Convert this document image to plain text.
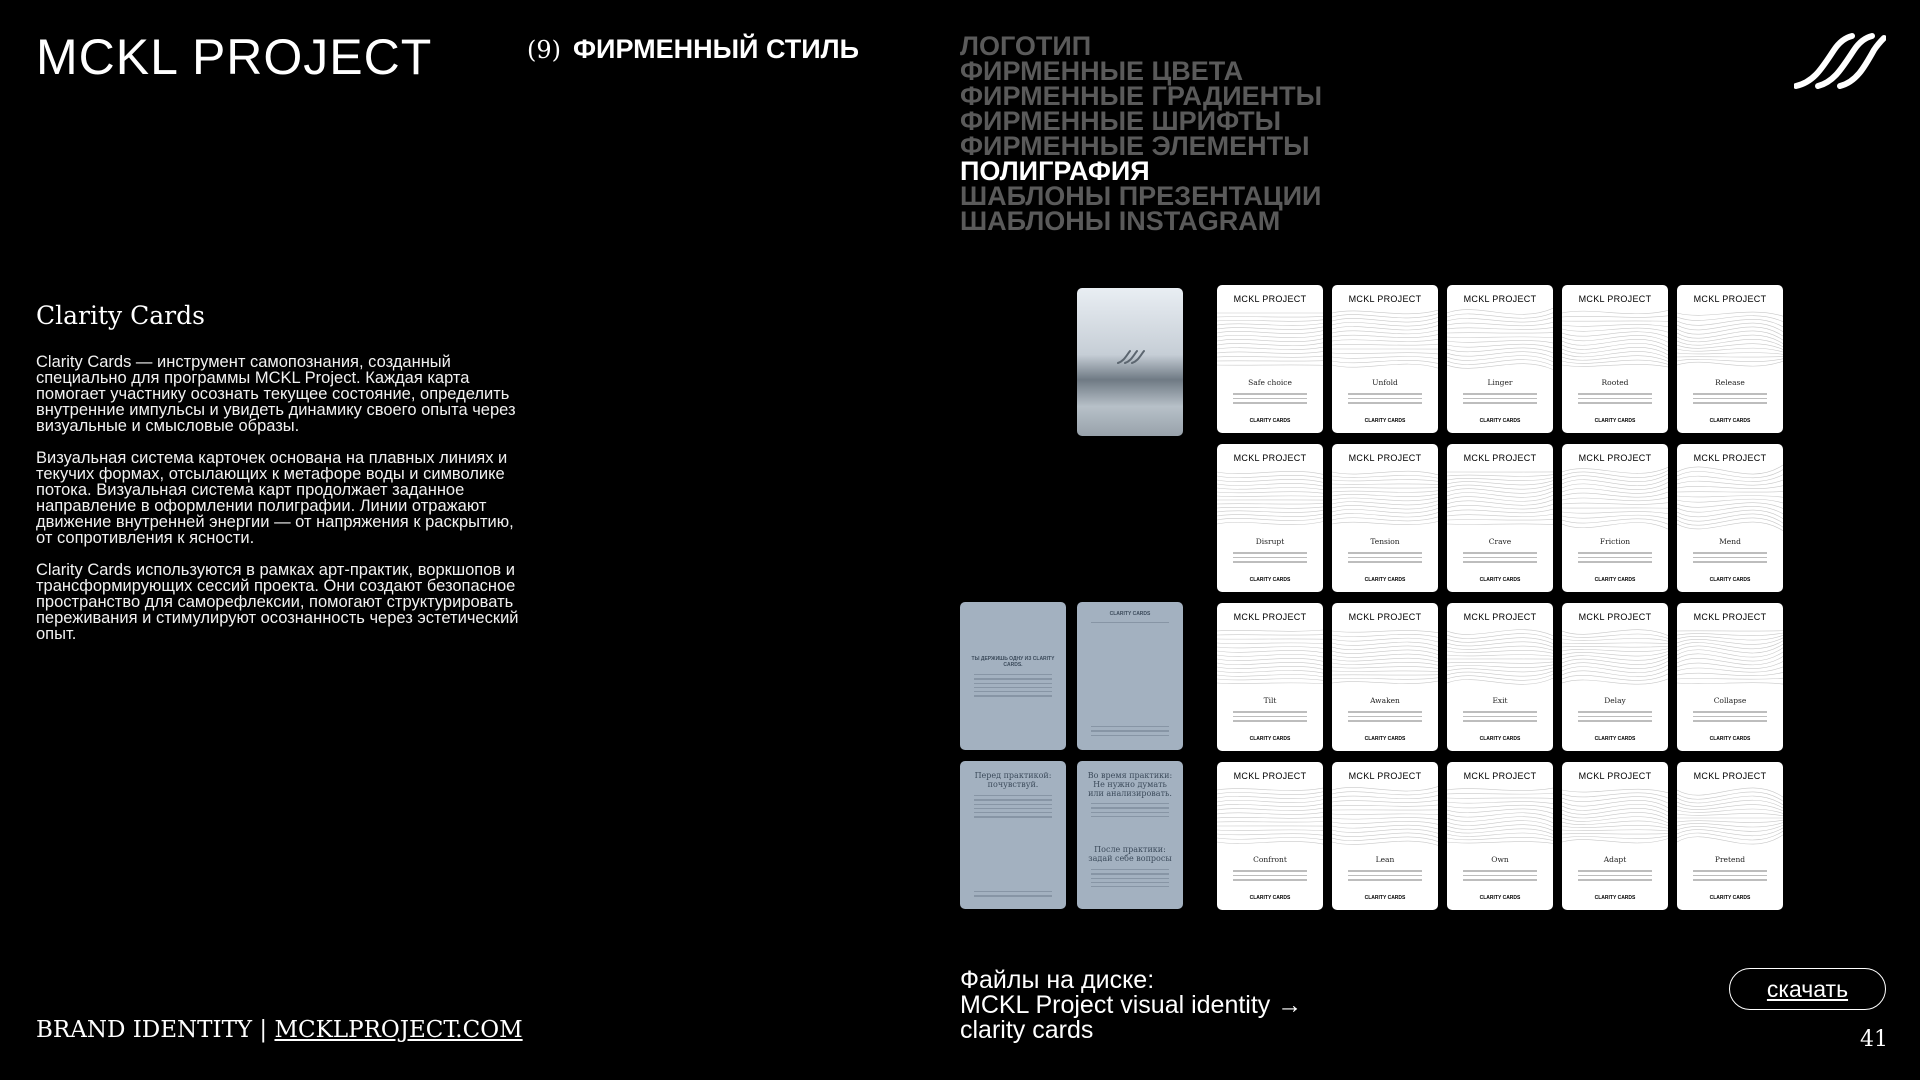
MCKL PROJECT	(9) ФИРМЕННЫЙ СТИЛЬ	ЛОГОТИП
ФИРМЕННЫЕ ЦВЕТА
ФИРМЕННЫЕ ГРАДИЕНТЫ
ФИРМЕННЫЕ ШРИФТЫ
ФИРМЕННЫЕ ЭЛЕМЕНТЫ
ПОЛИГРАФИЯ
ШАБЛОНЫ ПРЕЗЕНТАЦИИ
ШАБЛОНЫ INSTAGRAM
Clarity Cards

Clarity Cards — инструмент самопознания, созданный специально для программы MCKL Project. Каждая карта помогает участнику осознать текущее состояние, определить внутренние импульсы и увидеть динамику своего опыта через визуальные и смысловые образы.

Визуальная система карточек основана на плавных линиях и текучих формах, отсылающих к метафоре воды и символике потока. Визуальная система карт продолжает заданное направление в оформлении полиграфии. Линии отражают движение внутренней энергии — от напряжения к раскрытию, от сопротивления к ясности.

Clarity Cards используются в рамках арт-практик, воркшопов и трансформирующих сессий проекта. Они создают безопасное пространство для саморефлексии, помогают структурировать переживания и стимулируют осознанность через эстетический опыт.

ТЫ ДЕРЖИШЬ ОДНУ ИЗ CLARITY CARDS.
CLARITY CARDS
Перед практикой: почувствуй.
Во время практики: Не нужно думать или анализировать.
После практики: задай себе вопросы
MCKL PROJECT
Safe choice
CLARITY CARDS
MCKL PROJECT
Unfold
CLARITY CARDS
MCKL PROJECT
Linger
CLARITY CARDS
MCKL PROJECT
Rooted
CLARITY CARDS
MCKL PROJECT
Release
CLARITY CARDS
MCKL PROJECT
Disrupt
CLARITY CARDS
MCKL PROJECT
Tension
CLARITY CARDS
MCKL PROJECT
Crave
CLARITY CARDS
MCKL PROJECT
Friction
CLARITY CARDS
MCKL PROJECT
Mend
CLARITY CARDS
MCKL PROJECT
Tilt
CLARITY CARDS
MCKL PROJECT
Awaken
CLARITY CARDS
MCKL PROJECT
Exit
CLARITY CARDS
MCKL PROJECT
Delay
CLARITY CARDS
MCKL PROJECT
Collapse
CLARITY CARDS
MCKL PROJECT
Confront
CLARITY CARDS
MCKL PROJECT
Lean
CLARITY CARDS
MCKL PROJECT
Own
CLARITY CARDS
MCKL PROJECT
Adapt
CLARITY CARDS
MCKL PROJECT
Pretend
CLARITY CARDS
Файлы на диске:
MCKL Project visual identity →
clarity cards
скачать
BRAND IDENTITY | MCKLPROJECT.COM	41
